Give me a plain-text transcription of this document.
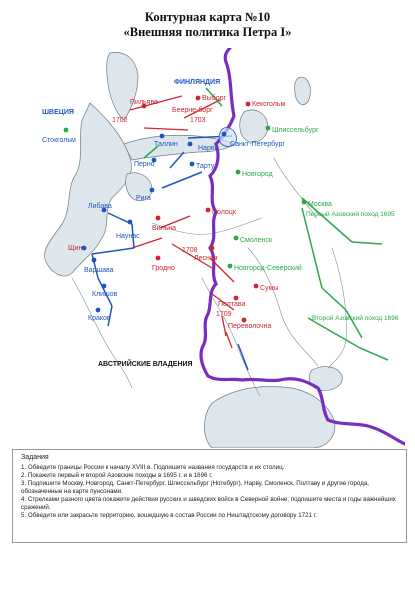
Контурная карта №10
«Внешняя политика Петра I»
ШВЕЦИЯ
ФИНЛЯНДИЯ
Стокгольм
Пильяве
Выборг
Беерне-борг
Кексгольм
Таллин
Нарва
Шлиссельбург
Санкт-Петербург
Перно	Тарту
Рига
Новгород
Либава
Вильна
Полоцк
Москва
Первый Азовский поход 1695
Наунас
Щин
Варшава	Гродно
Лесная
Смоленск
Новгород-Северский
Сумы
Клишов
Краков
Полтава
Переволочна
Второй Азовский поход 1696
АВСТРИЙСКИЕ ВЛАДЕНИЯ
1702	1703
1708
1709
Задания
1. Обведите границы России к началу XVIII в. Подпишите названия государств и их столиц.
2. Покажите первый и второй Азовские походы в 1695 г. и в 1696 г.
3. Подпишите Москву, Новгород, Санкт-Петербург, Шлиссельбург (Нотебург), Нарву, Смоленск, Полтаву и другие города, обозначенные на карте пунсонами.
4. Стрелками разного цвета покажите действия русских и шведских войск в Северной войне; подпишите места и годы важнейших сражений.
5. Обведите или закрасьте территорию, вошедшую в состав России по Ништадтскому договору 1721 г.
